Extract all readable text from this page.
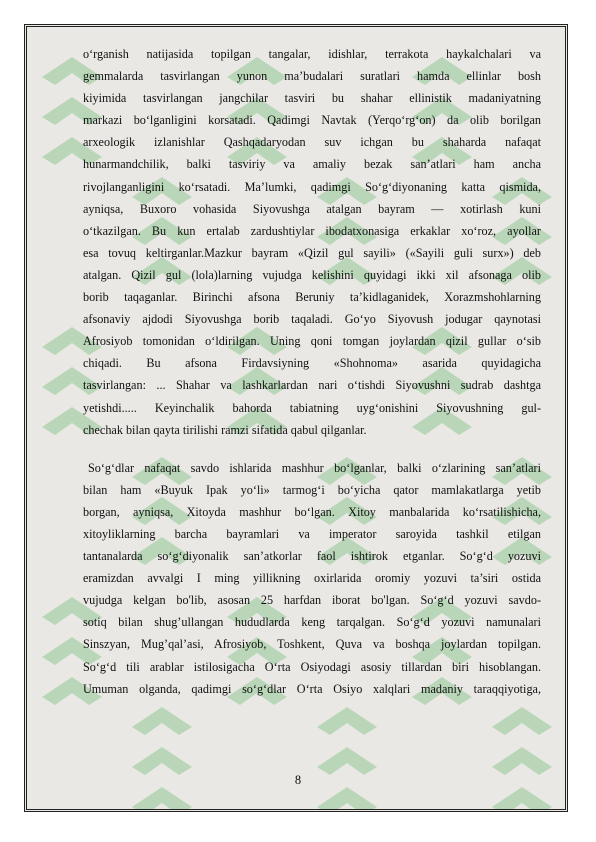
o‘rganish natijasida topilgan tangalar, idishlar, terrakota haykalchalari va
gemmalarda tasvirlangan yunon ma’budalari suratlari hamda ellinlar bosh
kiyimida tasvirlangan jangchilar tasviri bu shahar ellinistik madaniyatning
markazi bo‘lganligini korsatadi. Qadimgi Navtak (Yerqo‘rg‘on) da olib borilgan
arxeologik izlanishlar Qashqadaryodan suv ichgan bu shaharda nafaqat
hunarmandchilik, balki tasviriy va amaliy bezak san’atlari ham ancha
rivojlanganligini ko‘rsatadi. Ma’lumki, qadimgi So‘g‘diyonaning katta qismida,
ayniqsa, Buxoro vohasida Siyovushga atalgan bayram — xotirlash kuni
o‘tkazilgan. Bu kun ertalab zardushtiylar ibodatxonasiga erkaklar xo‘roz, ayollar
esa tovuq keltirganlar.Mazkur bayram «Qizil gul sayili» («Sayili guli surx») deb
atalgan. Qizil gul (lola)larning vujudga kelishini quyidagi ikki xil afsonaga olib
borib taqaganlar. Birinchi afsona Beruniy ta’kidlaganidek, Xorazmshohlarning
afsonaviy ajdodi Siyovushga borib taqaladi. Go‘yo Siyovush jodugar qaynotasi
Afrosiyob tomonidan o‘ldirilgan. Uning qoni tomgan joylardan qizil gullar o‘sib
chiqadi. Bu afsona Firdavsiyning «Shohnoma» asarida quyidagicha
tasvirlangan: ... Shahar va lashkarlardan nari o‘tishdi Siyovushni sudrab dashtga
yetishdi..... Keyinchalik bahorda tabiatning uyg‘onishini Siyovushning gul-
chechak bilan qayta tirilishi ramzi sifatida qabul qilganlar.

So‘g‘dlar nafaqat savdo ishlarida mashhur bo‘lganlar, balki o‘zlarining san’atlari
bilan ham «Buyuk Ipak yo‘li» tarmog‘i bo‘yicha qator mamlakatlarga yetib
borgan, ayniqsa, Xitoyda mashhur bo‘lgan. Xitoy manbalarida ko‘rsatilishicha,
xitoyliklarning barcha bayramlari va imperator saroyida tashkil etilgan
tantanalarda so‘g‘diyonalik san’atkorlar faol ishtirok etganlar. So‘g‘d yozuvi
eramizdan avvalgi I ming yillikning oxirlarida oromiy yozuvi ta’siri ostida
vujudga kelgan bo'lib, asosan 25 harfdan iborat bo'lgan. So‘g‘d yozuvi savdo-
sotiq bilan shug’ullangan hududlarda keng tarqalgan. So‘g‘d yozuvi namunalari
Sinszyan, Mug’qal’asi, Afrosiyob, Toshkent, Quva va boshqa joylardan topilgan.
So‘g‘d tili arablar istilosigacha O‘rta Osiyodagi asosiy tillardan biri hisoblangan.
Umuman olganda, qadimgi so‘g‘dlar O‘rta Osiyo xalqlari madaniy taraqqiyotiga,

8
